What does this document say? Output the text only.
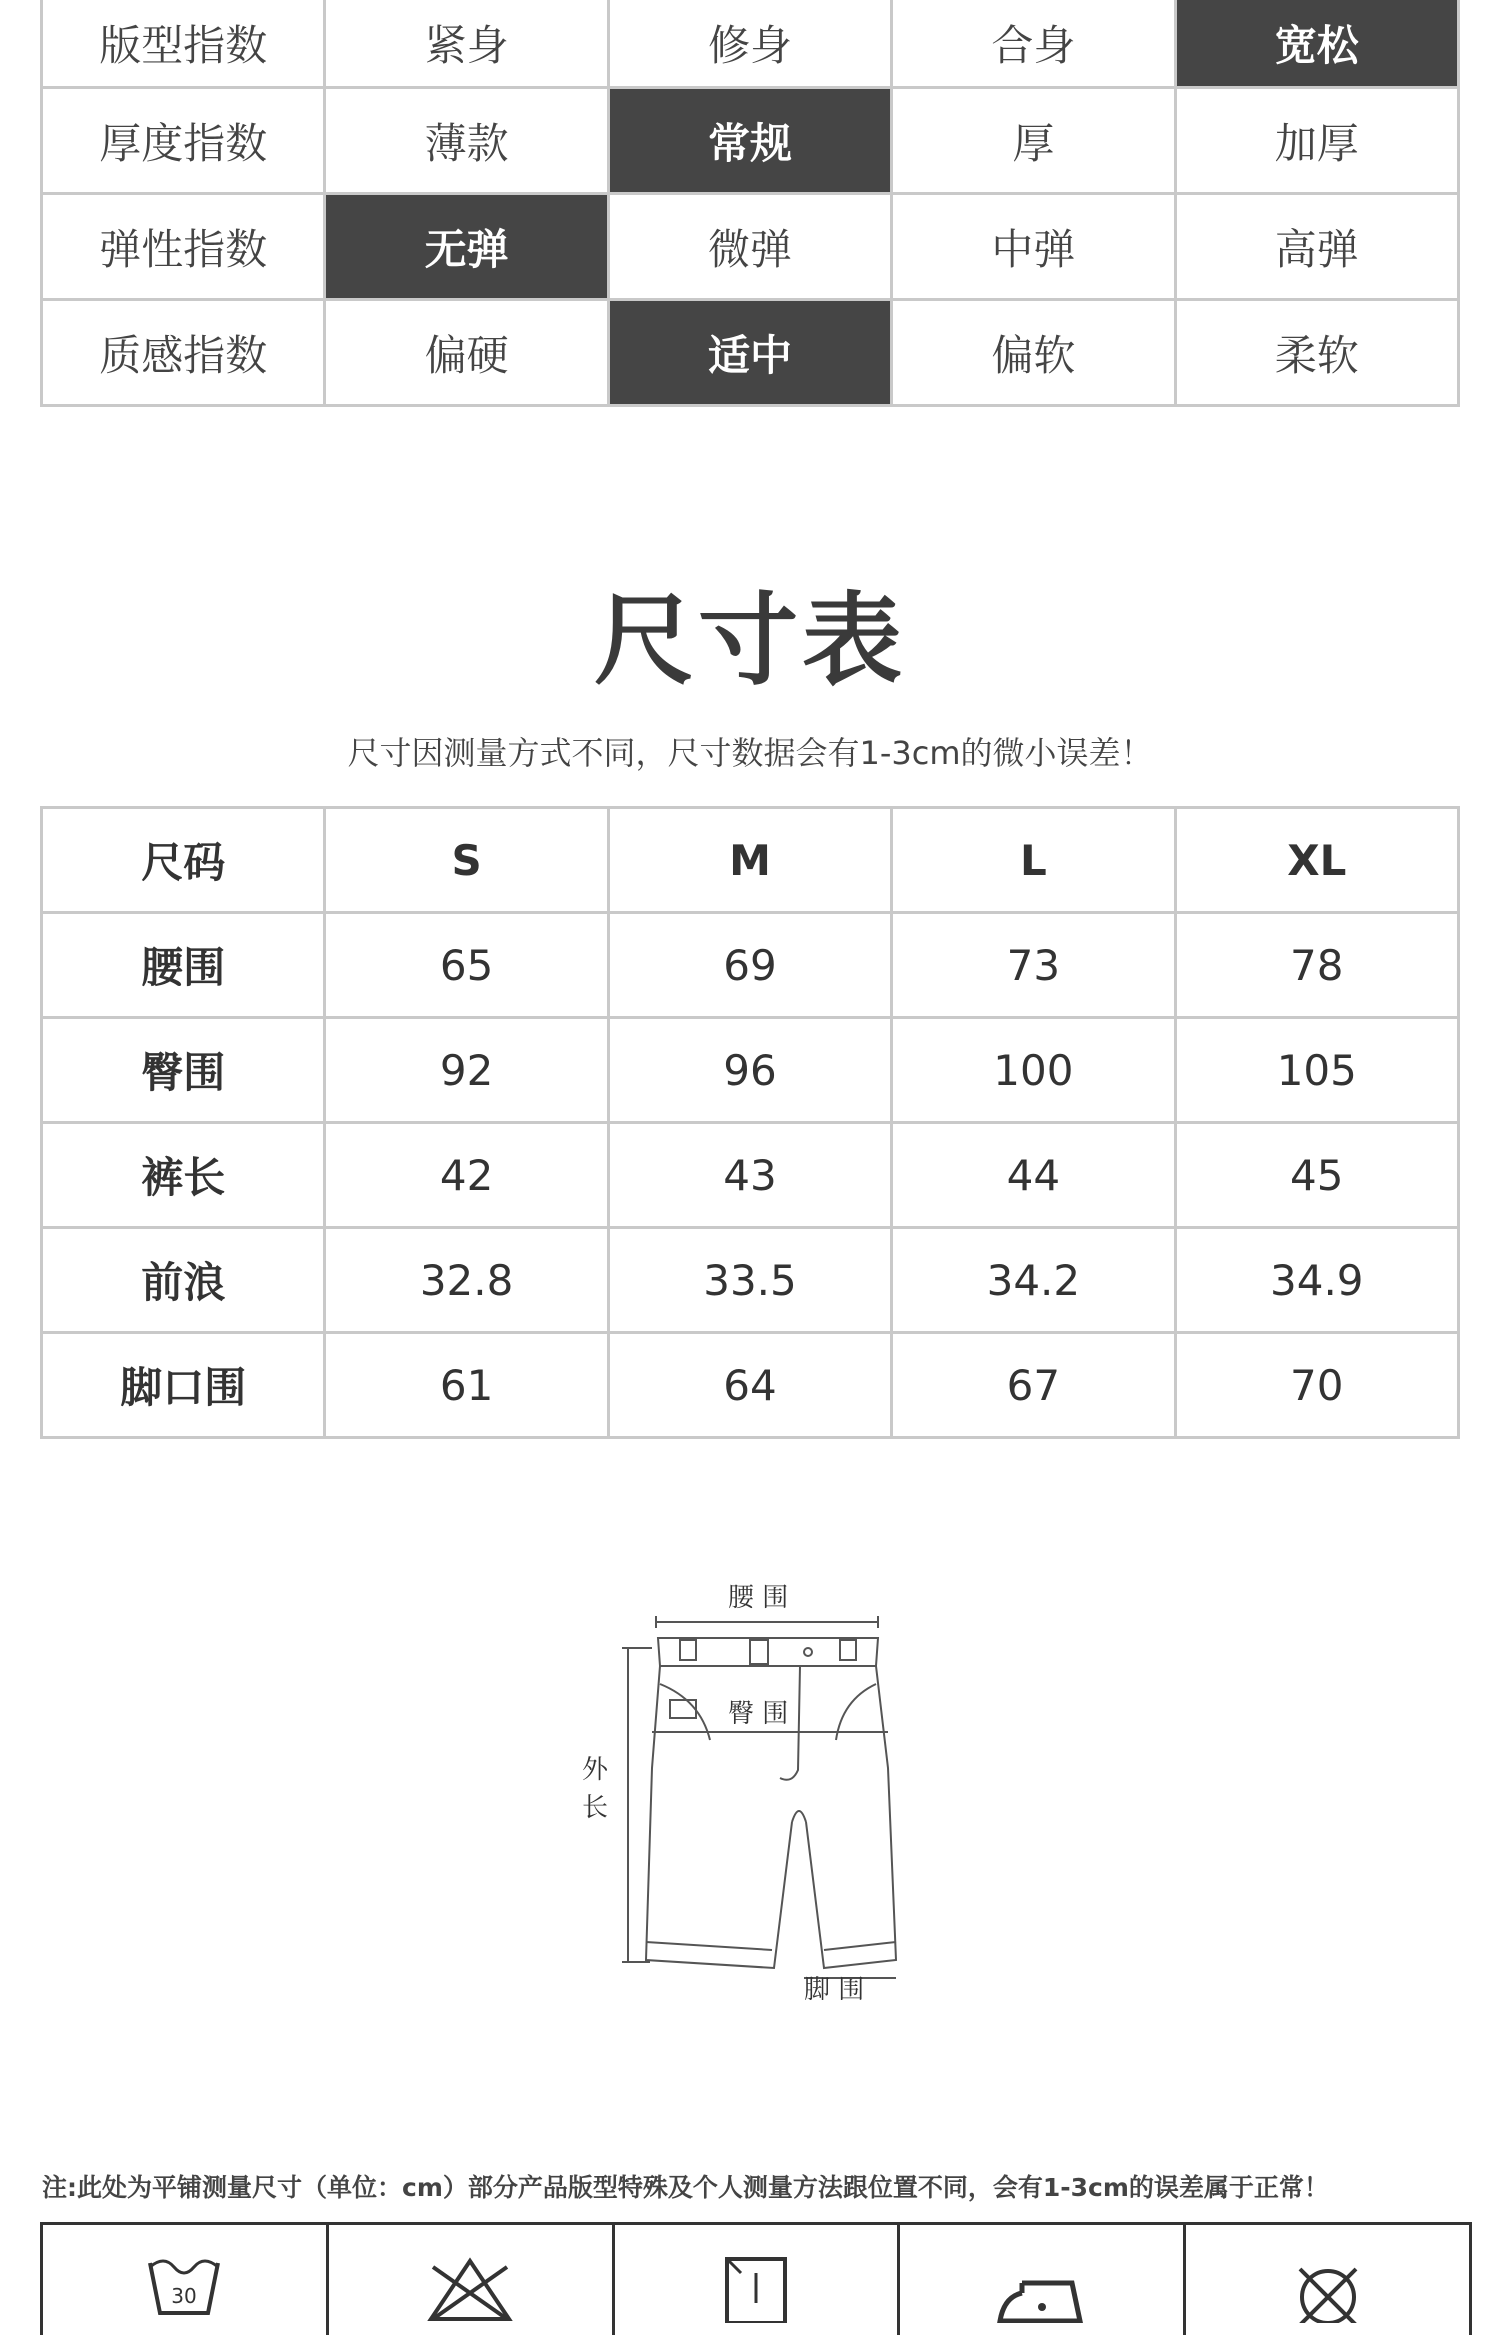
版型指数	紧身	修身	合身	宽松
厚度指数	薄款	常规	厚	加厚
弹性指数	无弹	微弹	中弹	高弹
质感指数	偏硬	适中	偏软	柔软
尺寸表
尺寸因测量方式不同，尺寸数据会有1-3cm的微小误差！
尺码	S	M	L	XL
腰围	65	69	73	78
臀围	92	96	100	105
裤长	42	43	44	45
前浪	32.8	33.5	34.2	34.9
脚口围	61	64	67	70
腰 围
臀 围
外
长
脚 围
注:此处为平铺测量尺寸（单位：cm）部分产品版型特殊及个人测量方法跟位置不同，会有1-3cm的误差属于正常！
30
